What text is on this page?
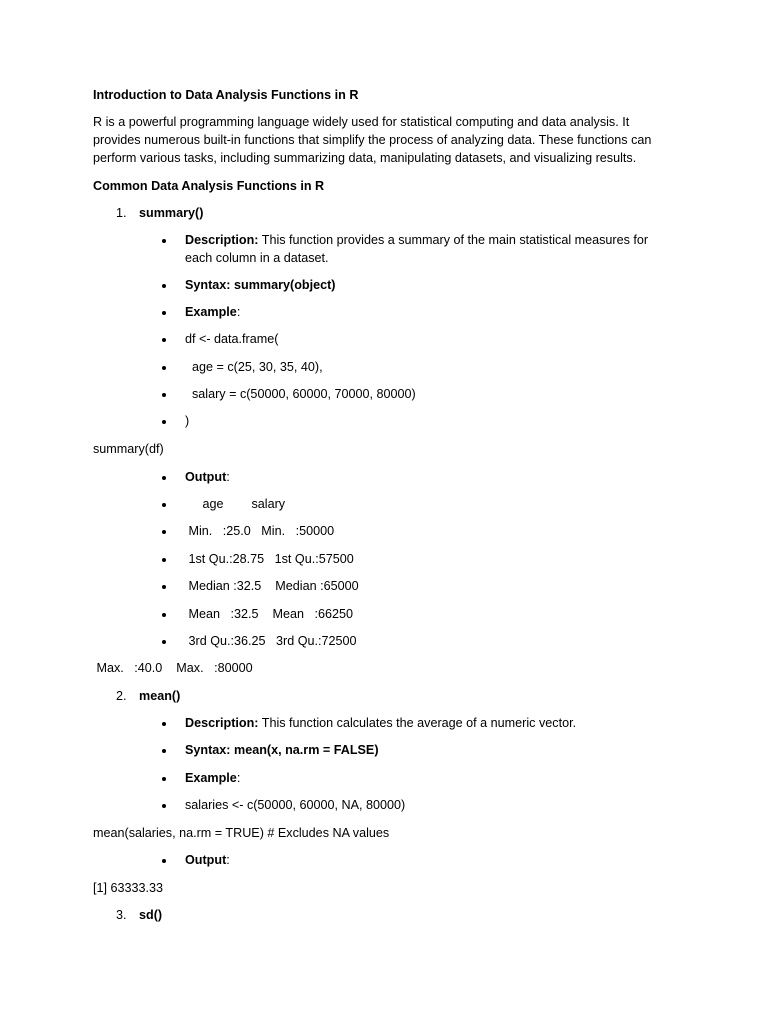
Introduction to Data Analysis Functions in R
R is a powerful programming language widely used for statistical computing and data analysis. It
provides numerous built-in functions that simplify the process of analyzing data. These functions can
perform various tasks, including summarizing data, manipulating datasets, and visualizing results.
Common Data Analysis Functions in R
1. summary()
Description: This function provides a summary of the main statistical measures for
each column in a dataset.
Syntax: summary(object)
Example:
df <- data.frame(
age = c(25, 30, 35, 40),
salary = c(50000, 60000, 70000, 80000)
)
summary(df)
Output:
age        salary
Min.   :25.0   Min.   :50000
1st Qu.:28.75   1st Qu.:57500
Median :32.5    Median :65000
Mean   :32.5    Mean   :66250
3rd Qu.:36.25   3rd Qu.:72500
Max.   :40.0    Max.   :80000
2. mean()
Description: This function calculates the average of a numeric vector.
Syntax: mean(x, na.rm = FALSE)
Example:
salaries <- c(50000, 60000, NA, 80000)
mean(salaries, na.rm = TRUE) # Excludes NA values
Output:
[1] 63333.33
3. sd()
